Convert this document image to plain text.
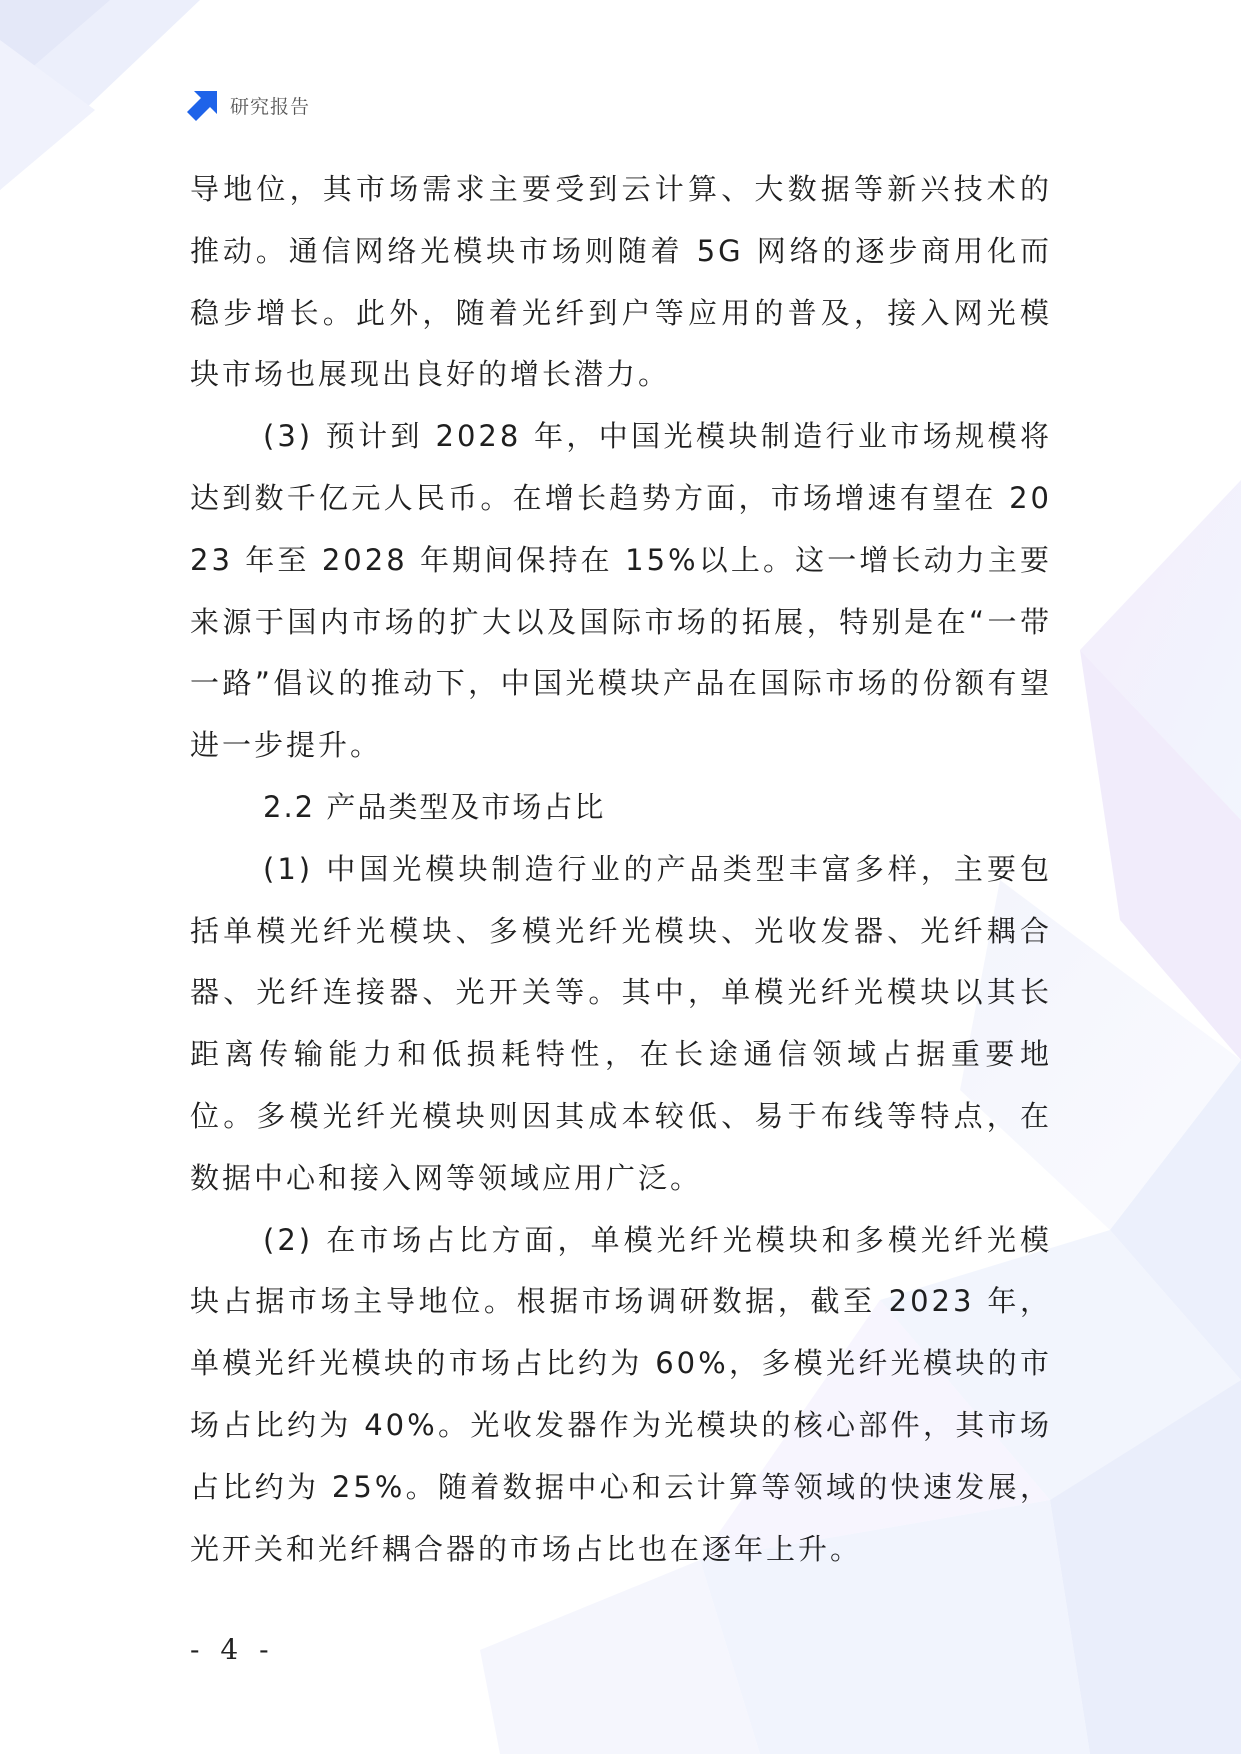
研究报告

导地位，其市场需求主要受到云计算、大数据等新兴技术的推动。通信网络光模块市场则随着 5G 网络的逐步商用化而稳步增长。此外，随着光纤到户等应用的普及，接入网光模块市场也展现出良好的增长潜力。

(3) 预计到 2028 年，中国光模块制造行业市场规模将达到数千亿元人民币。在增长趋势方面，市场增速有望在 2023 年至 2028 年期间保持在 15%以上。这一增长动力主要来源于国内市场的扩大以及国际市场的拓展，特别是在“一带一路”倡议的推动下，中国光模块产品在国际市场的份额有望进一步提升。

2.2 产品类型及市场占比

(1) 中国光模块制造行业的产品类型丰富多样，主要包括单模光纤光模块、多模光纤光模块、光收发器、光纤耦合器、光纤连接器、光开关等。其中，单模光纤光模块以其长距离传输能力和低损耗特性，在长途通信领域占据重要地位。多模光纤光模块则因其成本较低、易于布线等特点，在数据中心和接入网等领域应用广泛。

(2) 在市场占比方面，单模光纤光模块和多模光纤光模块占据市场主导地位。根据市场调研数据，截至 2023 年，单模光纤光模块的市场占比约为 60%，多模光纤光模块的市场占比约为 40%。光收发器作为光模块的核心部件，其市场占比约为 25%。随着数据中心和云计算等领域的快速发展，光开关和光纤耦合器的市场占比也在逐年上升。

- 4 -
